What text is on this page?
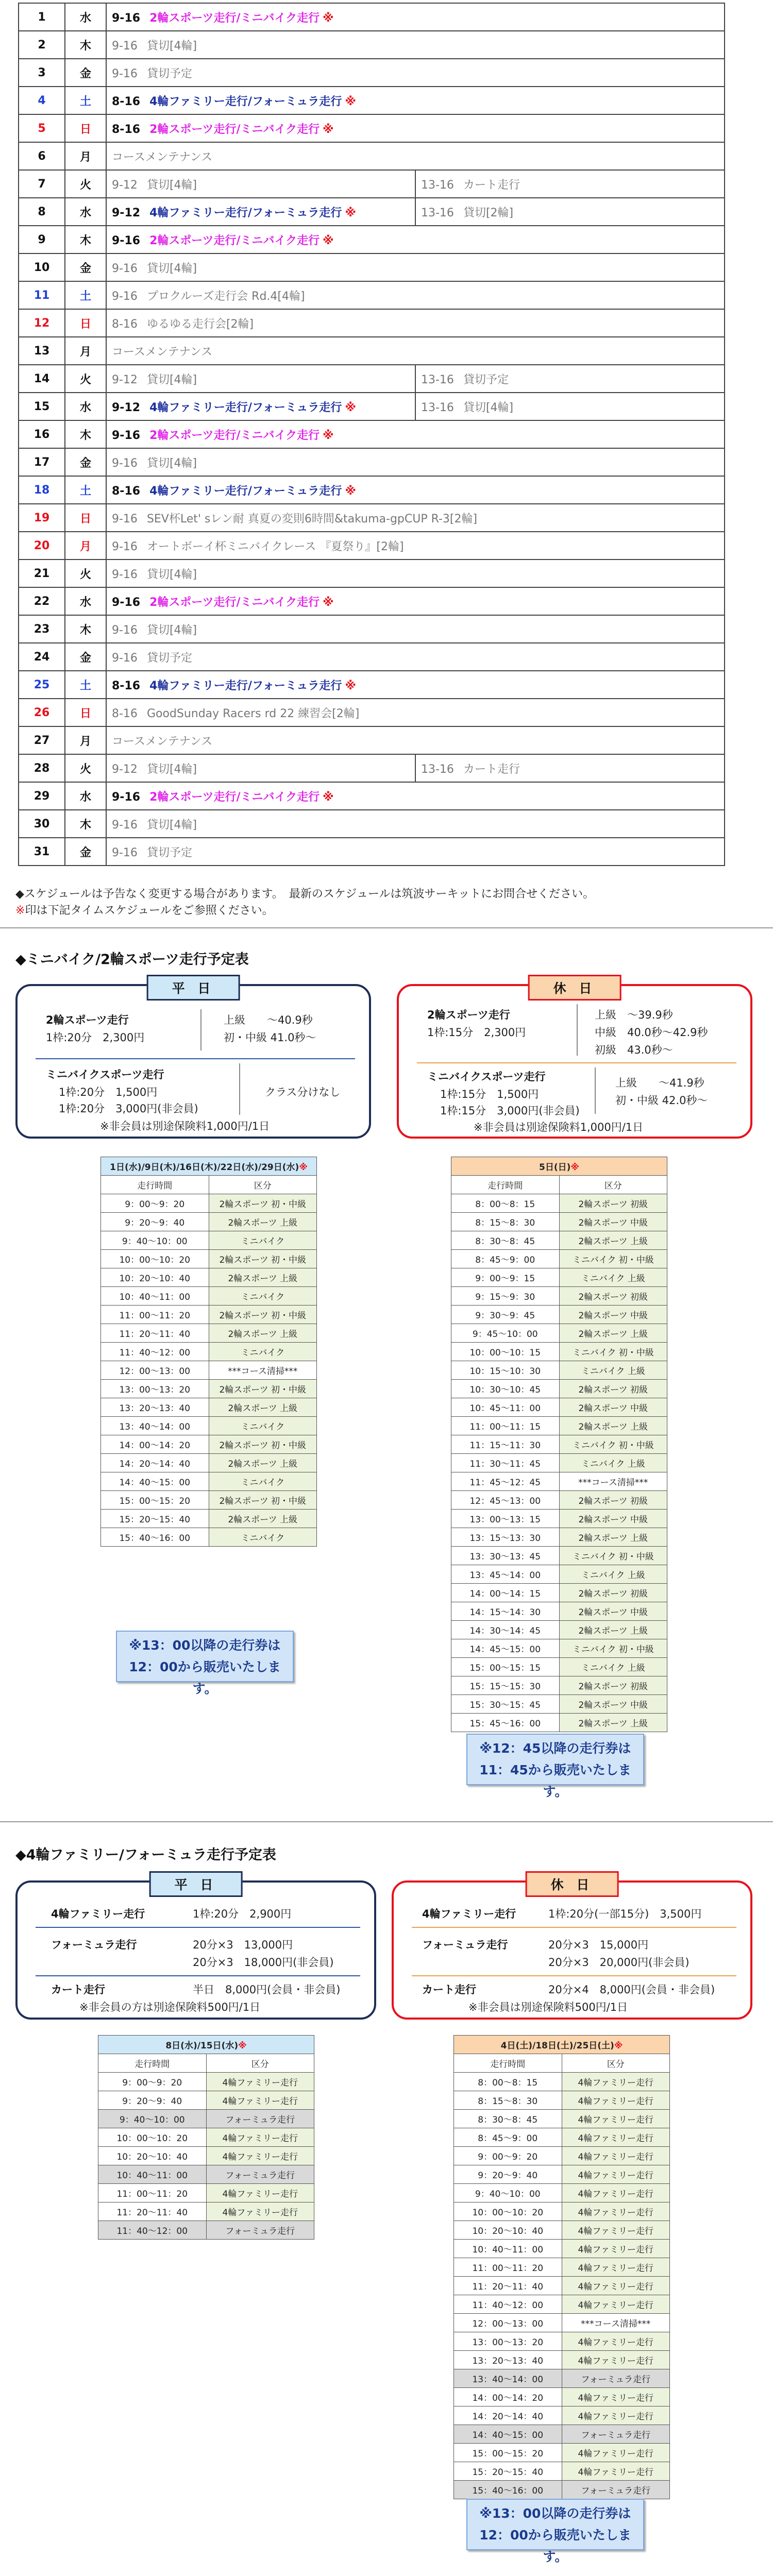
1	水	9-16 2輪スポーツ走行/ミニバイク走行 ※	
2	木	9-16 貸切[4輪]	
3	金	9-16 貸切予定	
4	土	8-16 4輪ファミリー走行/フォーミュラ走行 ※	
5	日	8-16 2輪スポーツ走行/ミニバイク走行 ※	
6	月	コースメンテナンス	
7	火	9-12 貸切[4輪]	13-16 カート走行
8	水	9-12 4輪ファミリー走行/フォーミュラ走行 ※	13-16 貸切[2輪]
9	木	9-16 2輪スポーツ走行/ミニバイク走行 ※	
10	金	9-16 貸切[4輪]	
11	土	9-16 プロクルーズ走行会 Rd.4[4輪]	
12	日	8-16 ゆるゆる走行会[2輪]	
13	月	コースメンテナンス	
14	火	9-12 貸切[4輪]	13-16 貸切予定
15	水	9-12 4輪ファミリー走行/フォーミュラ走行 ※	13-16 貸切[4輪]
16	木	9-16 2輪スポーツ走行/ミニバイク走行 ※	
17	金	9-16 貸切[4輪]	
18	土	8-16 4輪ファミリー走行/フォーミュラ走行 ※	
19	日	9-16 SEV杯Let' sレン耐 真夏の変則6時間&takuma-gpCUP R-3[2輪]	
20	月	9-16 オートボーイ杯ミニバイクレース 『夏祭り』[2輪]	
21	火	9-16 貸切[4輪]	
22	水	9-16 2輪スポーツ走行/ミニバイク走行 ※	
23	木	9-16 貸切[4輪]	
24	金	9-16 貸切予定	
25	土	8-16 4輪ファミリー走行/フォーミュラ走行 ※	
26	日	8-16 GoodSunday Racers rd 22 練習会[2輪]	
27	月	コースメンテナンス	
28	火	9-12 貸切[4輪]	13-16 カート走行
29	水	9-16 2輪スポーツ走行/ミニバイク走行 ※	
30	木	9-16 貸切[4輪]	
31	金	9-16 貸切予定	
◆スケジュールは予告なく変更する場合があります。　最新のスケジュールは筑波サーキットにお問合せください。
※印は下記タイムスケジュールをご参照ください。
◆ミニバイク/2輪スポーツ走行予定表
平 日
2輪スポーツ走行
1枠:20分　2,300円
上級　　～40.9秒
初・中級 41.0秒～
ミニバイクスポーツ走行
1枠:20分　1,500円
1枠:20分　3,000円(非会員)
クラス分けなし
※非会員は別途保険料1,000円/1日
休 日
2輪スポーツ走行
1枠:15分　2,300円
上級　～39.9秒
中級　40.0秒～42.9秒
初級　43.0秒～
ミニバイクスポーツ走行
1枠:15分　1,500円
1枠:15分　3,000円(非会員)
上級　　～41.9秒
初・中級 42.0秒～
※非会員は別途保険料1,000円/1日
1日(水)/9日(木)/16日(木)/22日(水)/29日(水)※	
走行時間	区分
9：00～9：20	2輪スポーツ 初・中級
9：20～9：40	2輪スポーツ 上級
9：40～10：00	ミニバイク
10：00～10：20	2輪スポーツ 初・中級
10：20～10：40	2輪スポーツ 上級
10：40～11：00	ミニバイク
11：00～11：20	2輪スポーツ 初・中級
11：20～11：40	2輪スポーツ 上級
11：40～12：00	ミニバイク
12：00～13：00	***コース清掃***
13：00～13：20	2輪スポーツ 初・中級
13：20～13：40	2輪スポーツ 上級
13：40～14：00	ミニバイク
14：00～14：20	2輪スポーツ 初・中級
14：20～14：40	2輪スポーツ 上級
14：40～15：00	ミニバイク
15：00～15：20	2輪スポーツ 初・中級
15：20～15：40	2輪スポーツ 上級
15：40～16：00	ミニバイク
※13：00以降の走行券は
12：00から販売いたします。
5日(日)※	
走行時間	区分
8：00～8：15	2輪スポーツ 初級
8：15～8：30	2輪スポーツ 中級
8：30～8：45	2輪スポーツ 上級
8：45～9：00	ミニバイク 初・中級
9：00～9：15	ミニバイク 上級
9：15～9：30	2輪スポーツ 初級
9：30～9：45	2輪スポーツ 中級
9：45～10：00	2輪スポーツ 上級
10：00～10：15	ミニバイク 初・中級
10：15～10：30	ミニバイク 上級
10：30～10：45	2輪スポーツ 初級
10：45～11：00	2輪スポーツ 中級
11：00～11：15	2輪スポーツ 上級
11：15～11：30	ミニバイク 初・中級
11：30～11：45	ミニバイク 上級
11：45～12：45	***コース清掃***
12：45～13：00	2輪スポーツ 初級
13：00～13：15	2輪スポーツ 中級
13：15～13：30	2輪スポーツ 上級
13：30～13：45	ミニバイク 初・中級
13：45～14：00	ミニバイク 上級
14：00～14：15	2輪スポーツ 初級
14：15～14：30	2輪スポーツ 中級
14：30～14：45	2輪スポーツ 上級
14：45～15：00	ミニバイク 初・中級
15：00～15：15	ミニバイク 上級
15：15～15：30	2輪スポーツ 初級
15：30～15：45	2輪スポーツ 中級
15：45～16：00	2輪スポーツ 上級
※12：45以降の走行券は
11：45から販売いたします。
◆4輪ファミリー/フォーミュラ走行予定表
平 日
4輪ファミリー走行	1枠:20分　2,900円
フォーミュラ走行	20分×3　13,000円
20分×3　18,000円(非会員)
カート走行	半日　8,000円(会員・非会員)
※非会員の方は別途保険料500円/1日
休 日
4輪ファミリー走行	1枠:20分(一部15分)　3,500円
フォーミュラ走行	20分×3　15,000円
20分×3　20,000円(非会員)
カート走行	20分×4　8,000円(会員・非会員)
※非会員は別途保険料500円/1日
8日(水)/15日(水)※	
走行時間	区分
9：00～9：20	4輪ファミリー走行
9：20～9：40	4輪ファミリー走行
9：40～10：00	フォーミュラ走行
10：00～10：20	4輪ファミリー走行
10：20～10：40	4輪ファミリー走行
10：40～11：00	フォーミュラ走行
11：00～11：20	4輪ファミリー走行
11：20～11：40	4輪ファミリー走行
11：40～12：00	フォーミュラ走行
4日(土)/18日(土)/25日(土)※	
走行時間	区分
8：00～8：15	4輪ファミリー走行
8：15～8：30	4輪ファミリー走行
8：30～8：45	4輪ファミリー走行
8：45～9：00	4輪ファミリー走行
9：00～9：20	4輪ファミリー走行
9：20～9：40	4輪ファミリー走行
9：40～10：00	4輪ファミリー走行
10：00～10：20	4輪ファミリー走行
10：20～10：40	4輪ファミリー走行
10：40～11：00	4輪ファミリー走行
11：00～11：20	4輪ファミリー走行
11：20～11：40	4輪ファミリー走行
11：40～12：00	4輪ファミリー走行
12：00～13：00	***コース清掃***
13：00～13：20	4輪ファミリー走行
13：20～13：40	4輪ファミリー走行
13：40～14：00	フォーミュラ走行
14：00～14：20	4輪ファミリー走行
14：20～14：40	4輪ファミリー走行
14：40～15：00	フォーミュラ走行
15：00～15：20	4輪ファミリー走行
15：20～15：40	4輪ファミリー走行
15：40～16：00	フォーミュラ走行
※13：00以降の走行券は
12：00から販売いたします。
